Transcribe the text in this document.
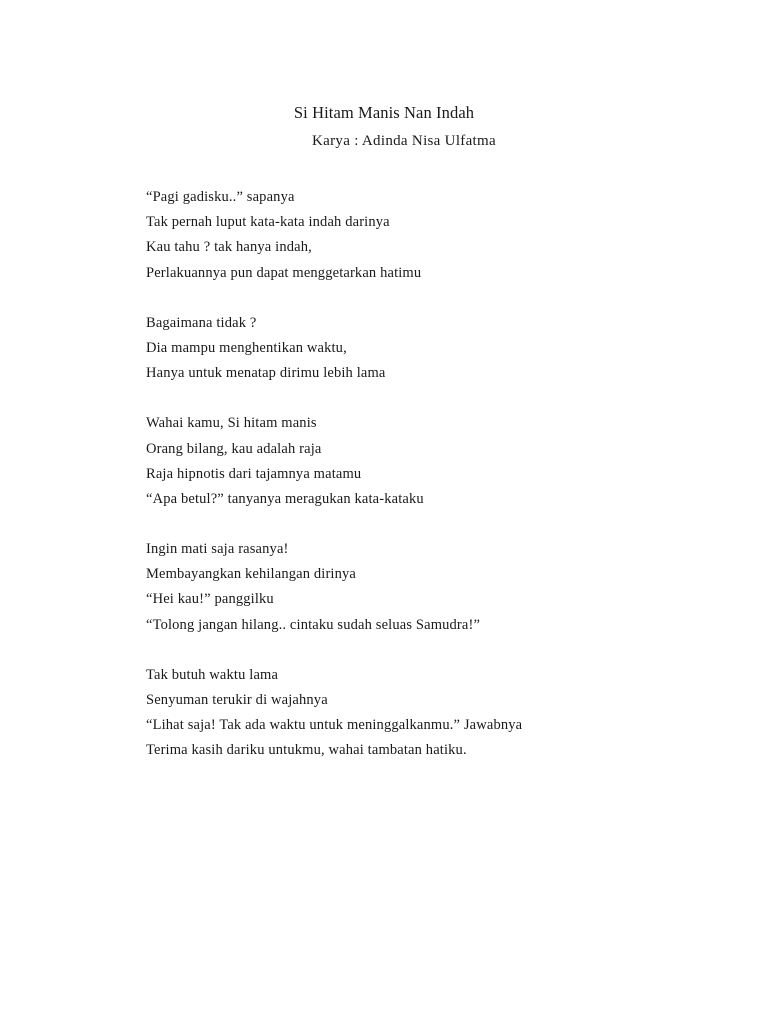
Si Hitam Manis Nan Indah

Karya : Adinda Nisa Ulfatma

“Pagi gadisku..” sapanya
Tak pernah luput kata-kata indah darinya
Kau tahu ? tak hanya indah,
Perlakuannya pun dapat menggetarkan hatimu
Bagaimana tidak ?
Dia mampu menghentikan waktu,
Hanya untuk menatap dirimu lebih lama
Wahai kamu, Si hitam manis
Orang bilang, kau adalah raja
Raja hipnotis dari tajamnya matamu
“Apa betul?” tanyanya meragukan kata-kataku
Ingin mati saja rasanya!
Membayangkan kehilangan dirinya
“Hei kau!” panggilku
“Tolong jangan hilang.. cintaku sudah seluas Samudra!”
Tak butuh waktu lama
Senyuman terukir di wajahnya
“Lihat saja! Tak ada waktu untuk meninggalkanmu.” Jawabnya
Terima kasih dariku untukmu, wahai tambatan hatiku.
